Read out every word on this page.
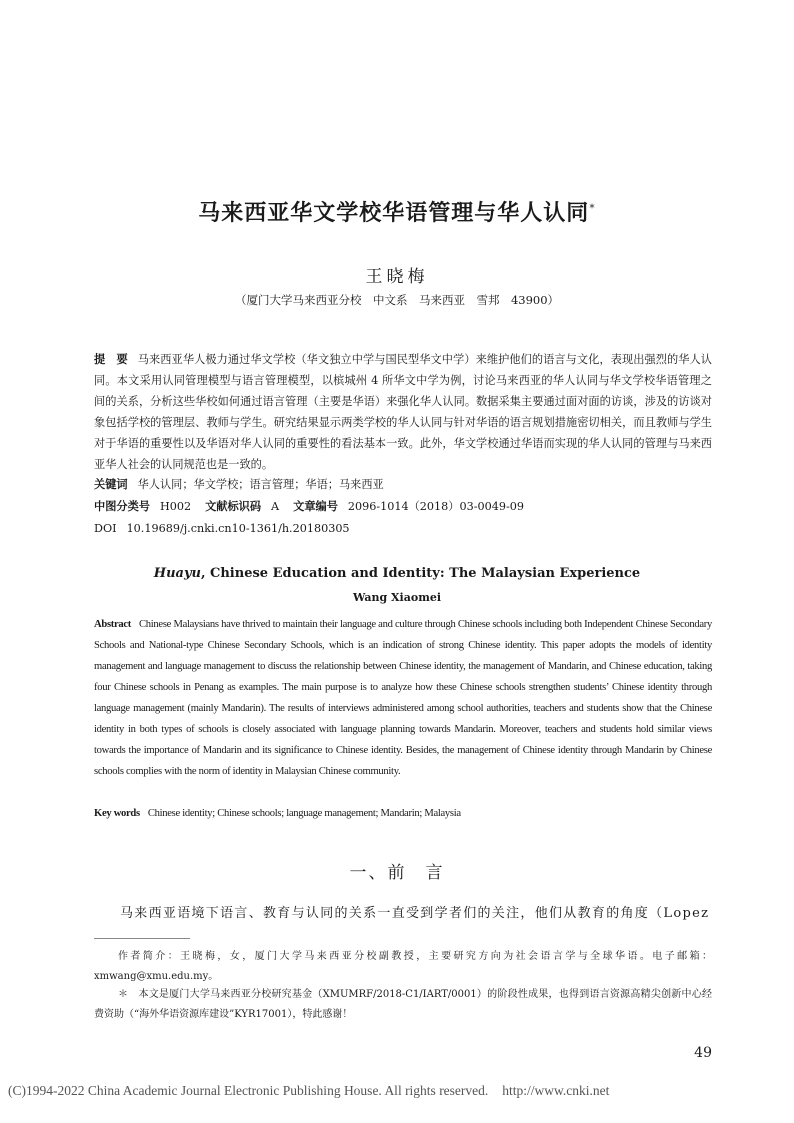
马来西亚华文学校华语管理与华人认同*
王晓梅
（厦门大学马来西亚分校　中文系　马来西亚　雪邦　43900）
提　要 马来西亚华人极力通过华文学校（华文独立中学与国民型华文中学）来维护他们的语言与文化，表现出强烈的华人认同。本文采用认同管理模型与语言管理模型，以槟城州 4 所华文中学为例，讨论马来西亚的华人认同与华文学校华语管理之间的关系，分析这些华校如何通过语言管理（主要是华语）来强化华人认同。数据采集主要通过面对面的访谈，涉及的访谈对象包括学校的管理层、教师与学生。研究结果显示两类学校的华人认同与针对华语的语言规划措施密切相关，而且教师与学生对于华语的重要性以及华语对华人认同的重要性的看法基本一致。此外，华文学校通过华语而实现的华人认同的管理与马来西亚华人社会的认同规范也是一致的。
关键词 华人认同；华文学校；语言管理；华语；马来西亚
中图分类号 H002 文献标识码 A 文章编号 2096-1014（2018）03-0049-09
DOI 10.19689/j.cnki.cn10-1361/h.20180305
Huayu, Chinese Education and Identity: The Malaysian Experience
Wang Xiaomei
Abstract Chinese Malaysians have thrived to maintain their language and culture through Chinese schools including both Independent Chinese Secondary Schools and National-type Chinese Secondary Schools, which is an indication of strong Chinese identity. This paper adopts the models of identity management and language management to discuss the relationship between Chinese identity, the management of Mandarin, and Chinese education, taking four Chinese schools in Penang as examples. The main purpose is to analyze how these Chinese schools strengthen students’ Chinese identity through language management (mainly Mandarin). The results of interviews administered among school authorities, teachers and students show that the Chinese identity in both types of schools is closely associated with language planning towards Mandarin. Moreover, teachers and students hold similar views towards the importance of Mandarin and its significance to Chinese identity. Besides, the management of Chinese identity through Mandarin by Chinese schools complies with the norm of identity in Malaysian Chinese community.
Key words Chinese identity; Chinese schools; language management; Mandarin; Malaysia
一、前　言
马来西亚语境下语言、教育与认同的关系一直受到学者们的关注，他们从教育的角度（Lopez
作者简介：王晓梅，女，厦门大学马来西亚分校副教授，主要研究方向为社会语言学与全球华语。电子邮箱：xmwang@xmu.edu.my。
＊　本文是厦门大学马来西亚分校研究基金（XMUMRF/2018-C1/IART/0001）的阶段性成果，也得到语言资源高精尖创新中心经费资助（“海外华语资源库建设”KYR17001），特此感谢！
49
(C)1994-2022 China Academic Journal Electronic Publishing House. All rights reserved. http://www.cnki.net
